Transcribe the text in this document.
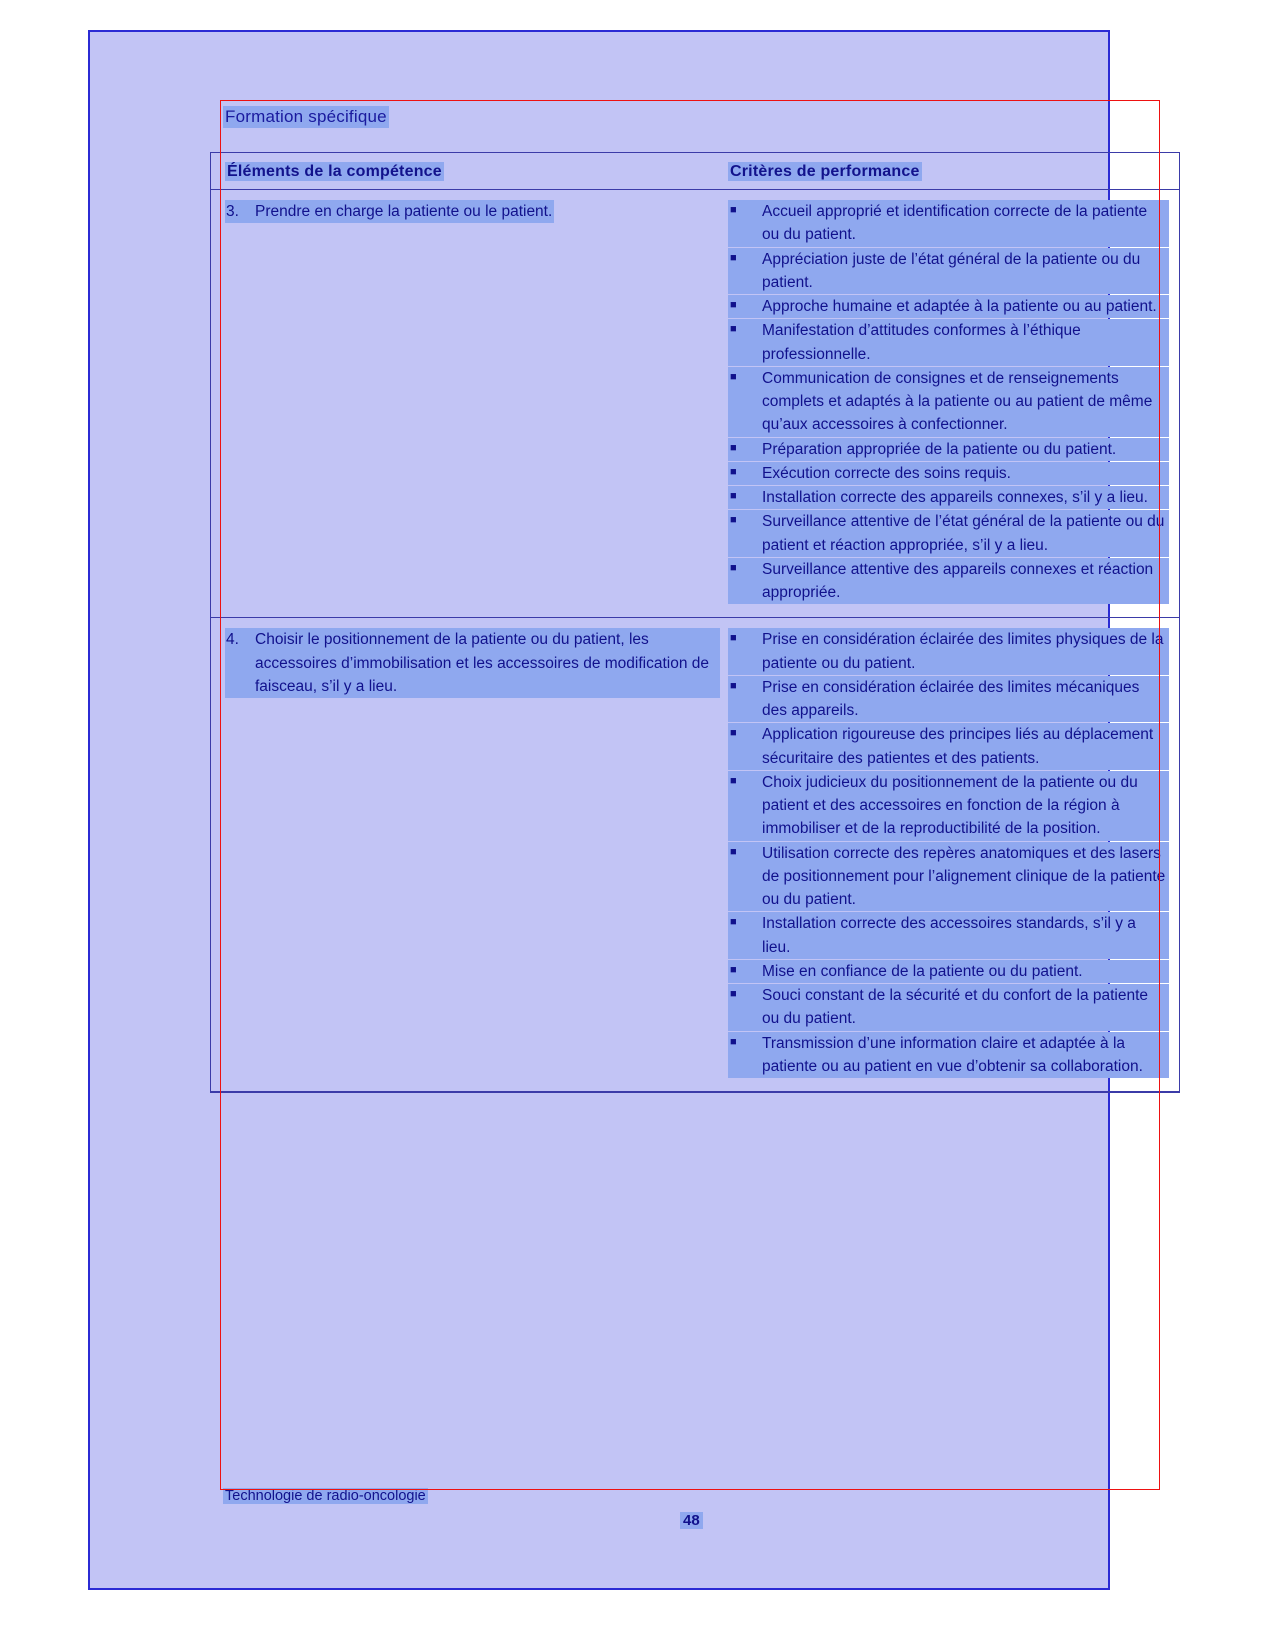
Formation spécifique
Éléments de la compétence	Critères de performance

3.	Prendre en charge la patiente ou le patient.	■	Accueil approprié et identification correcte de la patiente ou du patient.
■	Appréciation juste de l’état général de la patiente ou du patient.
■	Approche humaine et adaptée à la patiente ou au patient.
■	Manifestation d’attitudes conformes à l’éthique professionnelle.
■	Communication de consignes et de renseignements complets et adaptés à la patiente ou au patient de même qu’aux accessoires à confectionner.
■	Préparation appropriée de la patiente ou du patient.
■	Exécution correcte des soins requis.
■	Installation correcte des appareils connexes, s’il y a lieu.
■	Surveillance attentive de l’état général de la patiente ou du patient et réaction appropriée, s’il y a lieu.
■	Surveillance attentive des appareils connexes et réaction appropriée.

4.	Choisir le positionnement de la patiente ou du patient, les accessoires d’immobilisation et les accessoires de modification de faisceau, s’il y a lieu.

■	Prise en considération éclairée des limites physiques de la patiente ou du patient.
■	Prise en considération éclairée des limites mécaniques des appareils.
■	Application rigoureuse des principes liés au déplacement sécuritaire des patientes et des patients.
■	Choix judicieux du positionnement de la patiente ou du patient et des accessoires en fonction de la région à immobiliser et de la reproductibilité de la position.
■	Utilisation correcte des repères anatomiques et des lasers de positionnement pour l’alignement clinique de la patiente ou du patient.
■	Installation correcte des accessoires standards, s’il y a lieu.
■	Mise en confiance de la patiente ou du patient.
■	Souci constant de la sécurité et du confort de la patiente ou du patient.
■	Transmission d’une information claire et adaptée à la patiente ou au patient en vue d’obtenir sa collaboration.
Technologie de radio-oncologie
48
